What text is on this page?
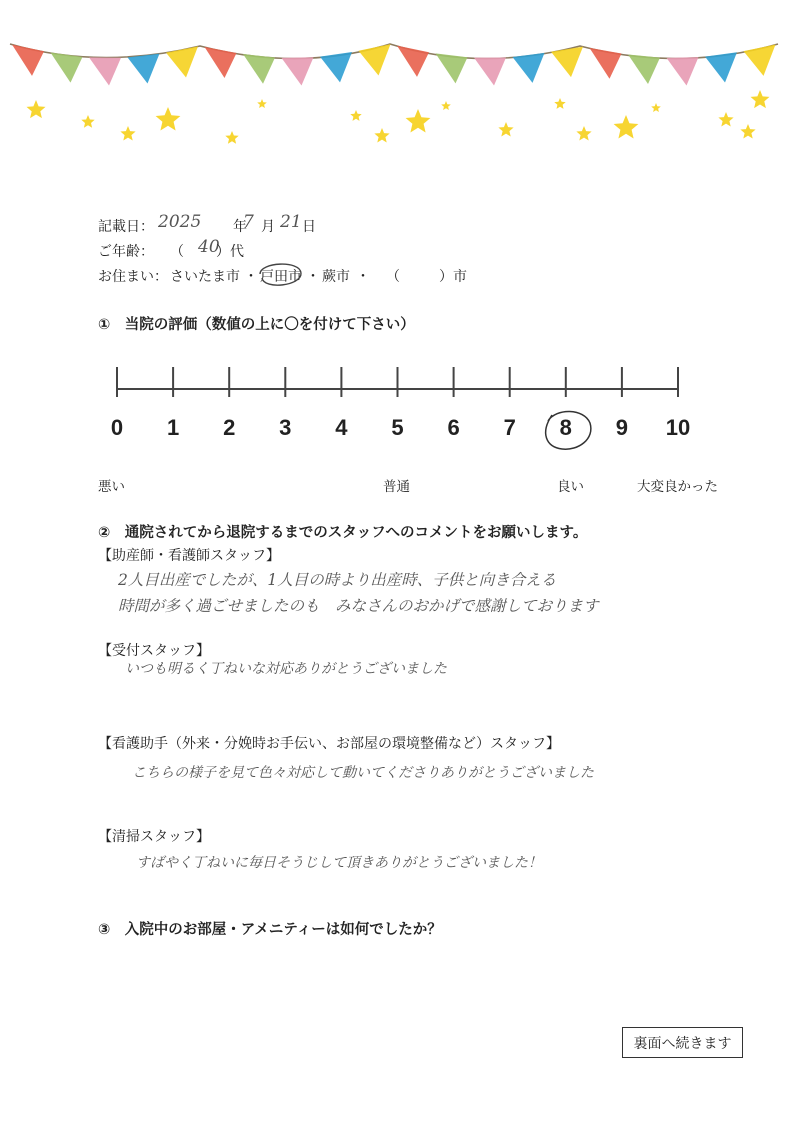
記載日： 2025 年
7 月 21 日
ご年齢： （ 40
）代
お住まい： さいたま市 ・ 戸田市 ・ 蕨市 ・ （	）市
①　当院の評価（数値の上に〇を付けて下さい）
0	1	2	3	4	5	6	7	8	9	10
悪い	普通	良い	大変良かった
②　通院されてから退院するまでのスタッフへのコメントをお願いします。
【助産師・看護師スタッフ】
2人目出産でしたが、1人目の時より出産時、子供と向き合える
時間が多く過ごせましたのも　みなさんのおかげで感謝しております
【受付スタッフ】
いつも明るく丁ねいな対応ありがとうございました
【看護助手（外来・分娩時お手伝い、お部屋の環境整備など）スタッフ】
こちらの様子を見て色々対応して動いてくださりありがとうございました
【清掃スタッフ】
すばやく丁ねいに毎日そうじして頂きありがとうございました！
③　入院中のお部屋・アメニティーは如何でしたか？
裏面へ続きます
